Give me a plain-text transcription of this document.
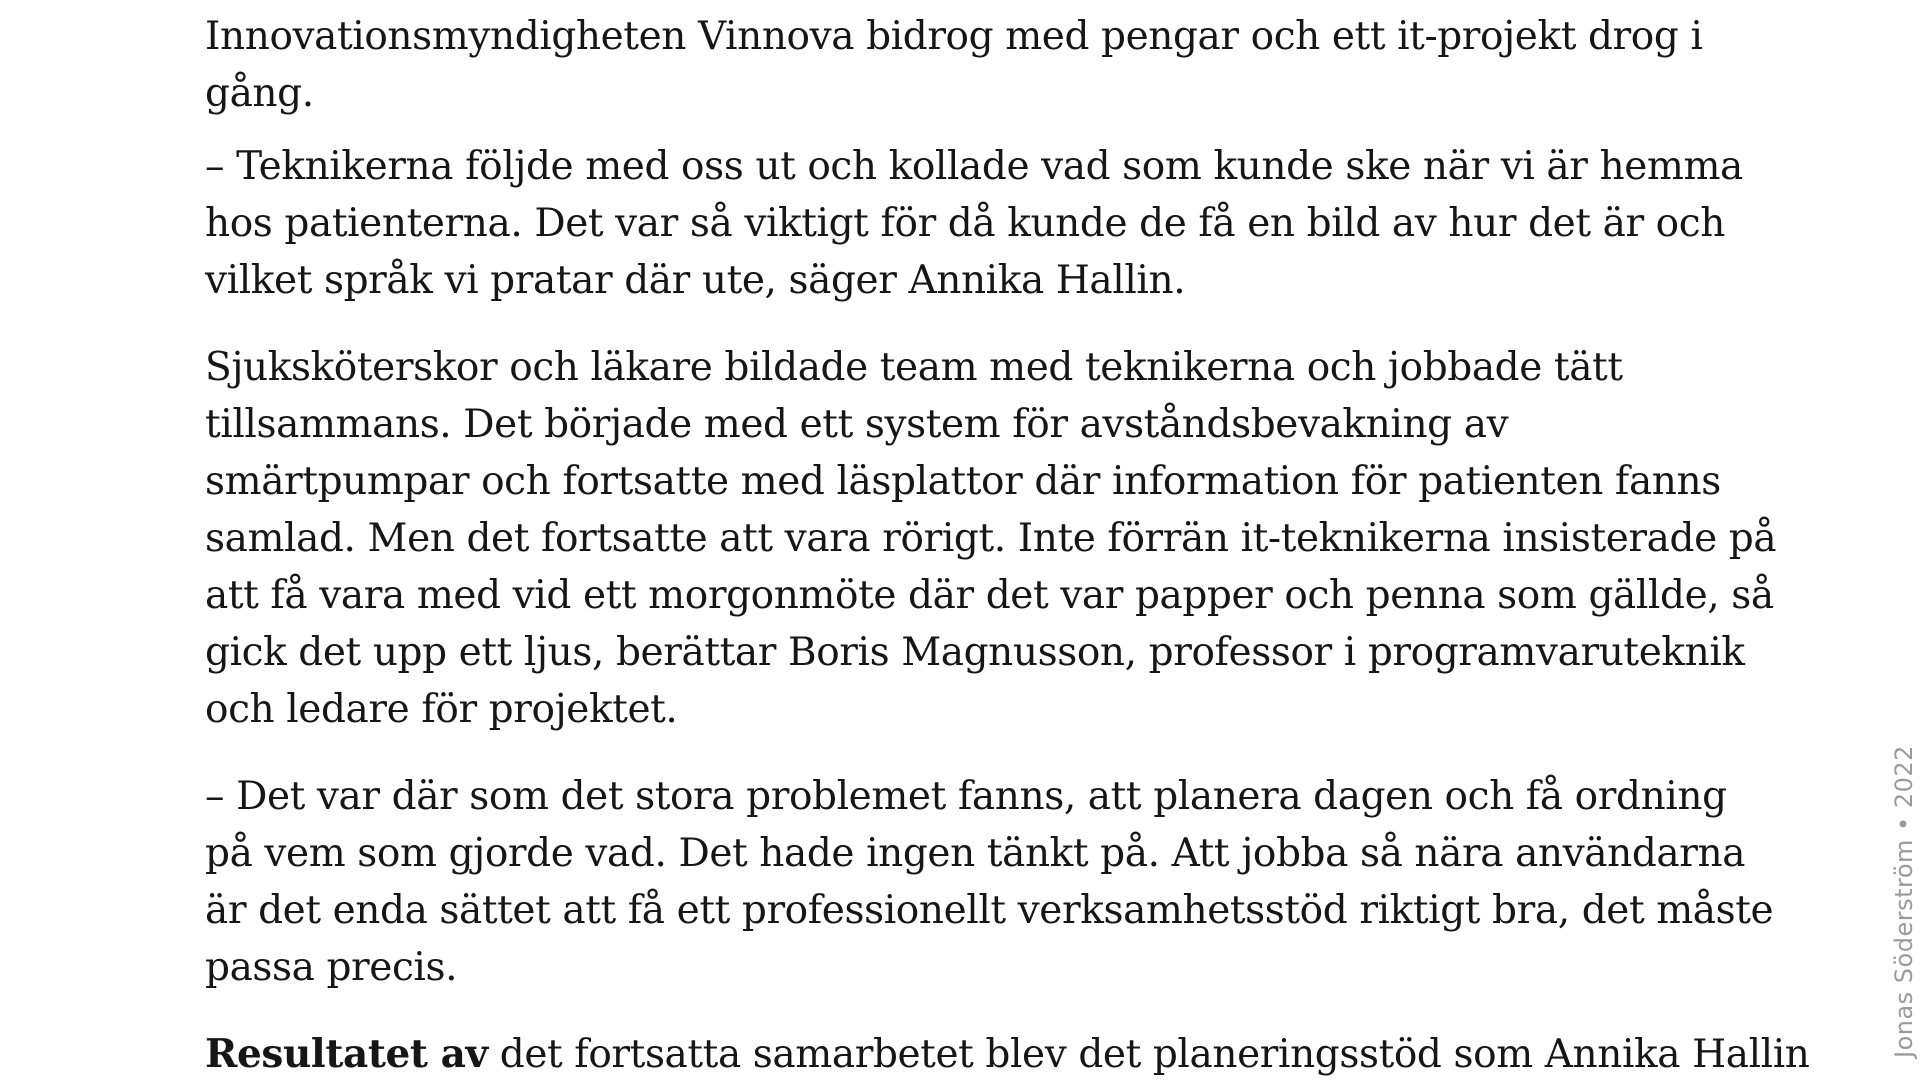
Innovationsmyndigheten Vinnova bidrog med pengar och ett it-projekt drog i
gång.

– Teknikerna följde med oss ut och kollade vad som kunde ske när vi är hemma
hos patienterna. Det var så viktigt för då kunde de få en bild av hur det är och
vilket språk vi pratar där ute, säger Annika Hallin.

Sjuksköterskor och läkare bildade team med teknikerna och jobbade tätt
tillsammans. Det började med ett system för avståndsbevakning av
smärtpumpar och fortsatte med läsplattor där information för patienten fanns
samlad. Men det fortsatte att vara rörigt. Inte förrän it-teknikerna insisterade på
att få vara med vid ett morgonmöte där det var papper och penna som gällde, så
gick det upp ett ljus, berättar Boris Magnusson, professor i programvaruteknik
och ledare för projektet.

– Det var där som det stora problemet fanns, att planera dagen och få ordning
på vem som gjorde vad. Det hade ingen tänkt på. Att jobba så nära användarna
är det enda sättet att få ett professionellt verksamhetsstöd riktigt bra, det måste
passa precis.

Resultatet av det fortsatta samarbetet blev det planeringsstöd som Annika Hallin	Jonas Söderström • 2022
